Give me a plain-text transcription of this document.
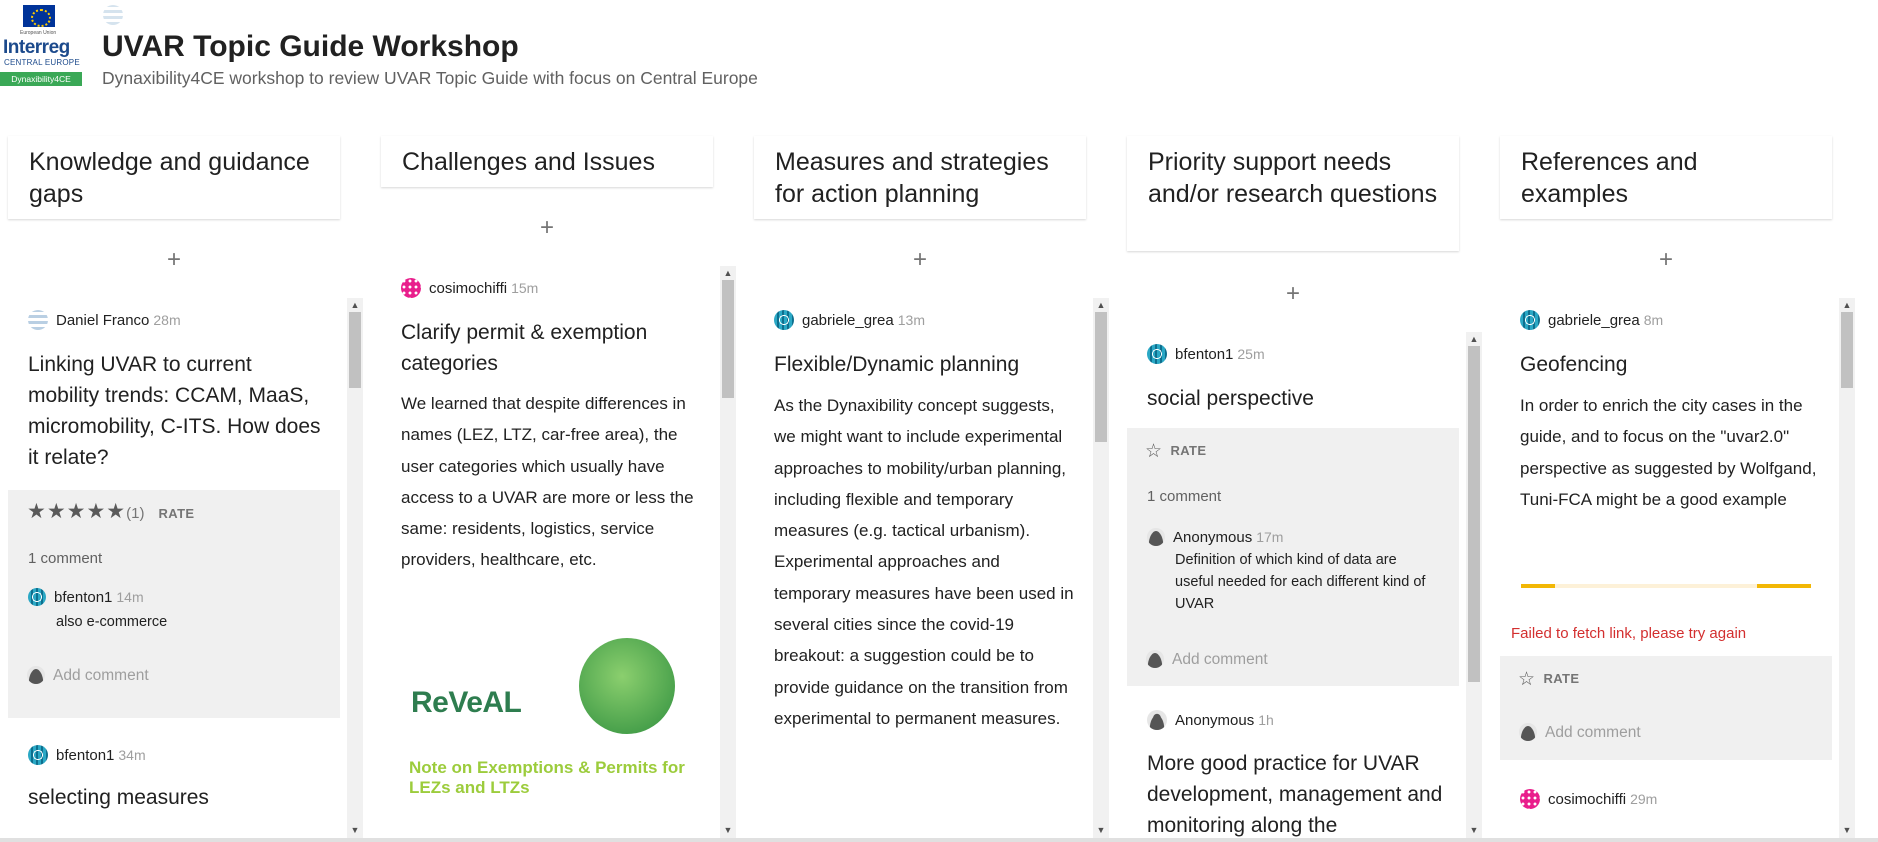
European Union
Interreg
CENTRAL EUROPE
Dynaxibility4CE
UVAR Topic Guide Workshop
Dynaxibility4CE workshop to review UVAR Topic Guide with focus on Central Europe
Knowledge and guidance gaps
+
Daniel Franco 28m
Linking UVAR to current mobility trends: CCAM, MaaS, micromobility, C-ITS. How does it relate?
★★★★★(1) RATE
1 comment
bfenton1 14m
also e-commerce
Add comment
bfenton1 34m
selecting measures
▲
▼
Challenges and Issues
+
cosimochiffi 15m
Clarify permit & exemption categories
We learned that despite differences in names (LEZ, LTZ, car-free area), the user categories which usually have access to a UVAR are more or less the same: residents, logistics, service providers, healthcare, etc.
ReVeAL
Note on Exemptions & Permits for LEZs and LTZs
▲
▼
Measures and strategies for action planning
+
gabriele_grea 13m
Flexible/Dynamic planning
As the Dynaxibility concept suggests, we might want to include experimental approaches to mobility/urban planning, including flexible and temporary measures (e.g. tactical urbanism). Experimental approaches and temporary measures have been used in several cities since the covid-19 breakout: a suggestion could be to provide guidance on the transition from experimental to permanent measures.
▲
▼
Priority support needs and/or research questions
+
bfenton1 25m
social perspective
☆ RATE
1 comment
Anonymous 17m
Definition of which kind of data are useful needed for each different kind of UVAR
Add comment
Anonymous 1h
More good practice for UVAR development, management and monitoring along the
▲
▼
References and examples
+
gabriele_grea 8m
Geofencing
In order to enrich the city cases in the guide, and to focus on the "uvar2.0" perspective as suggested by Wolfgand, Tuni-FCA might be a good example
Failed to fetch link, please try again
☆ RATE
Add comment
cosimochiffi 29m
▲
▼
